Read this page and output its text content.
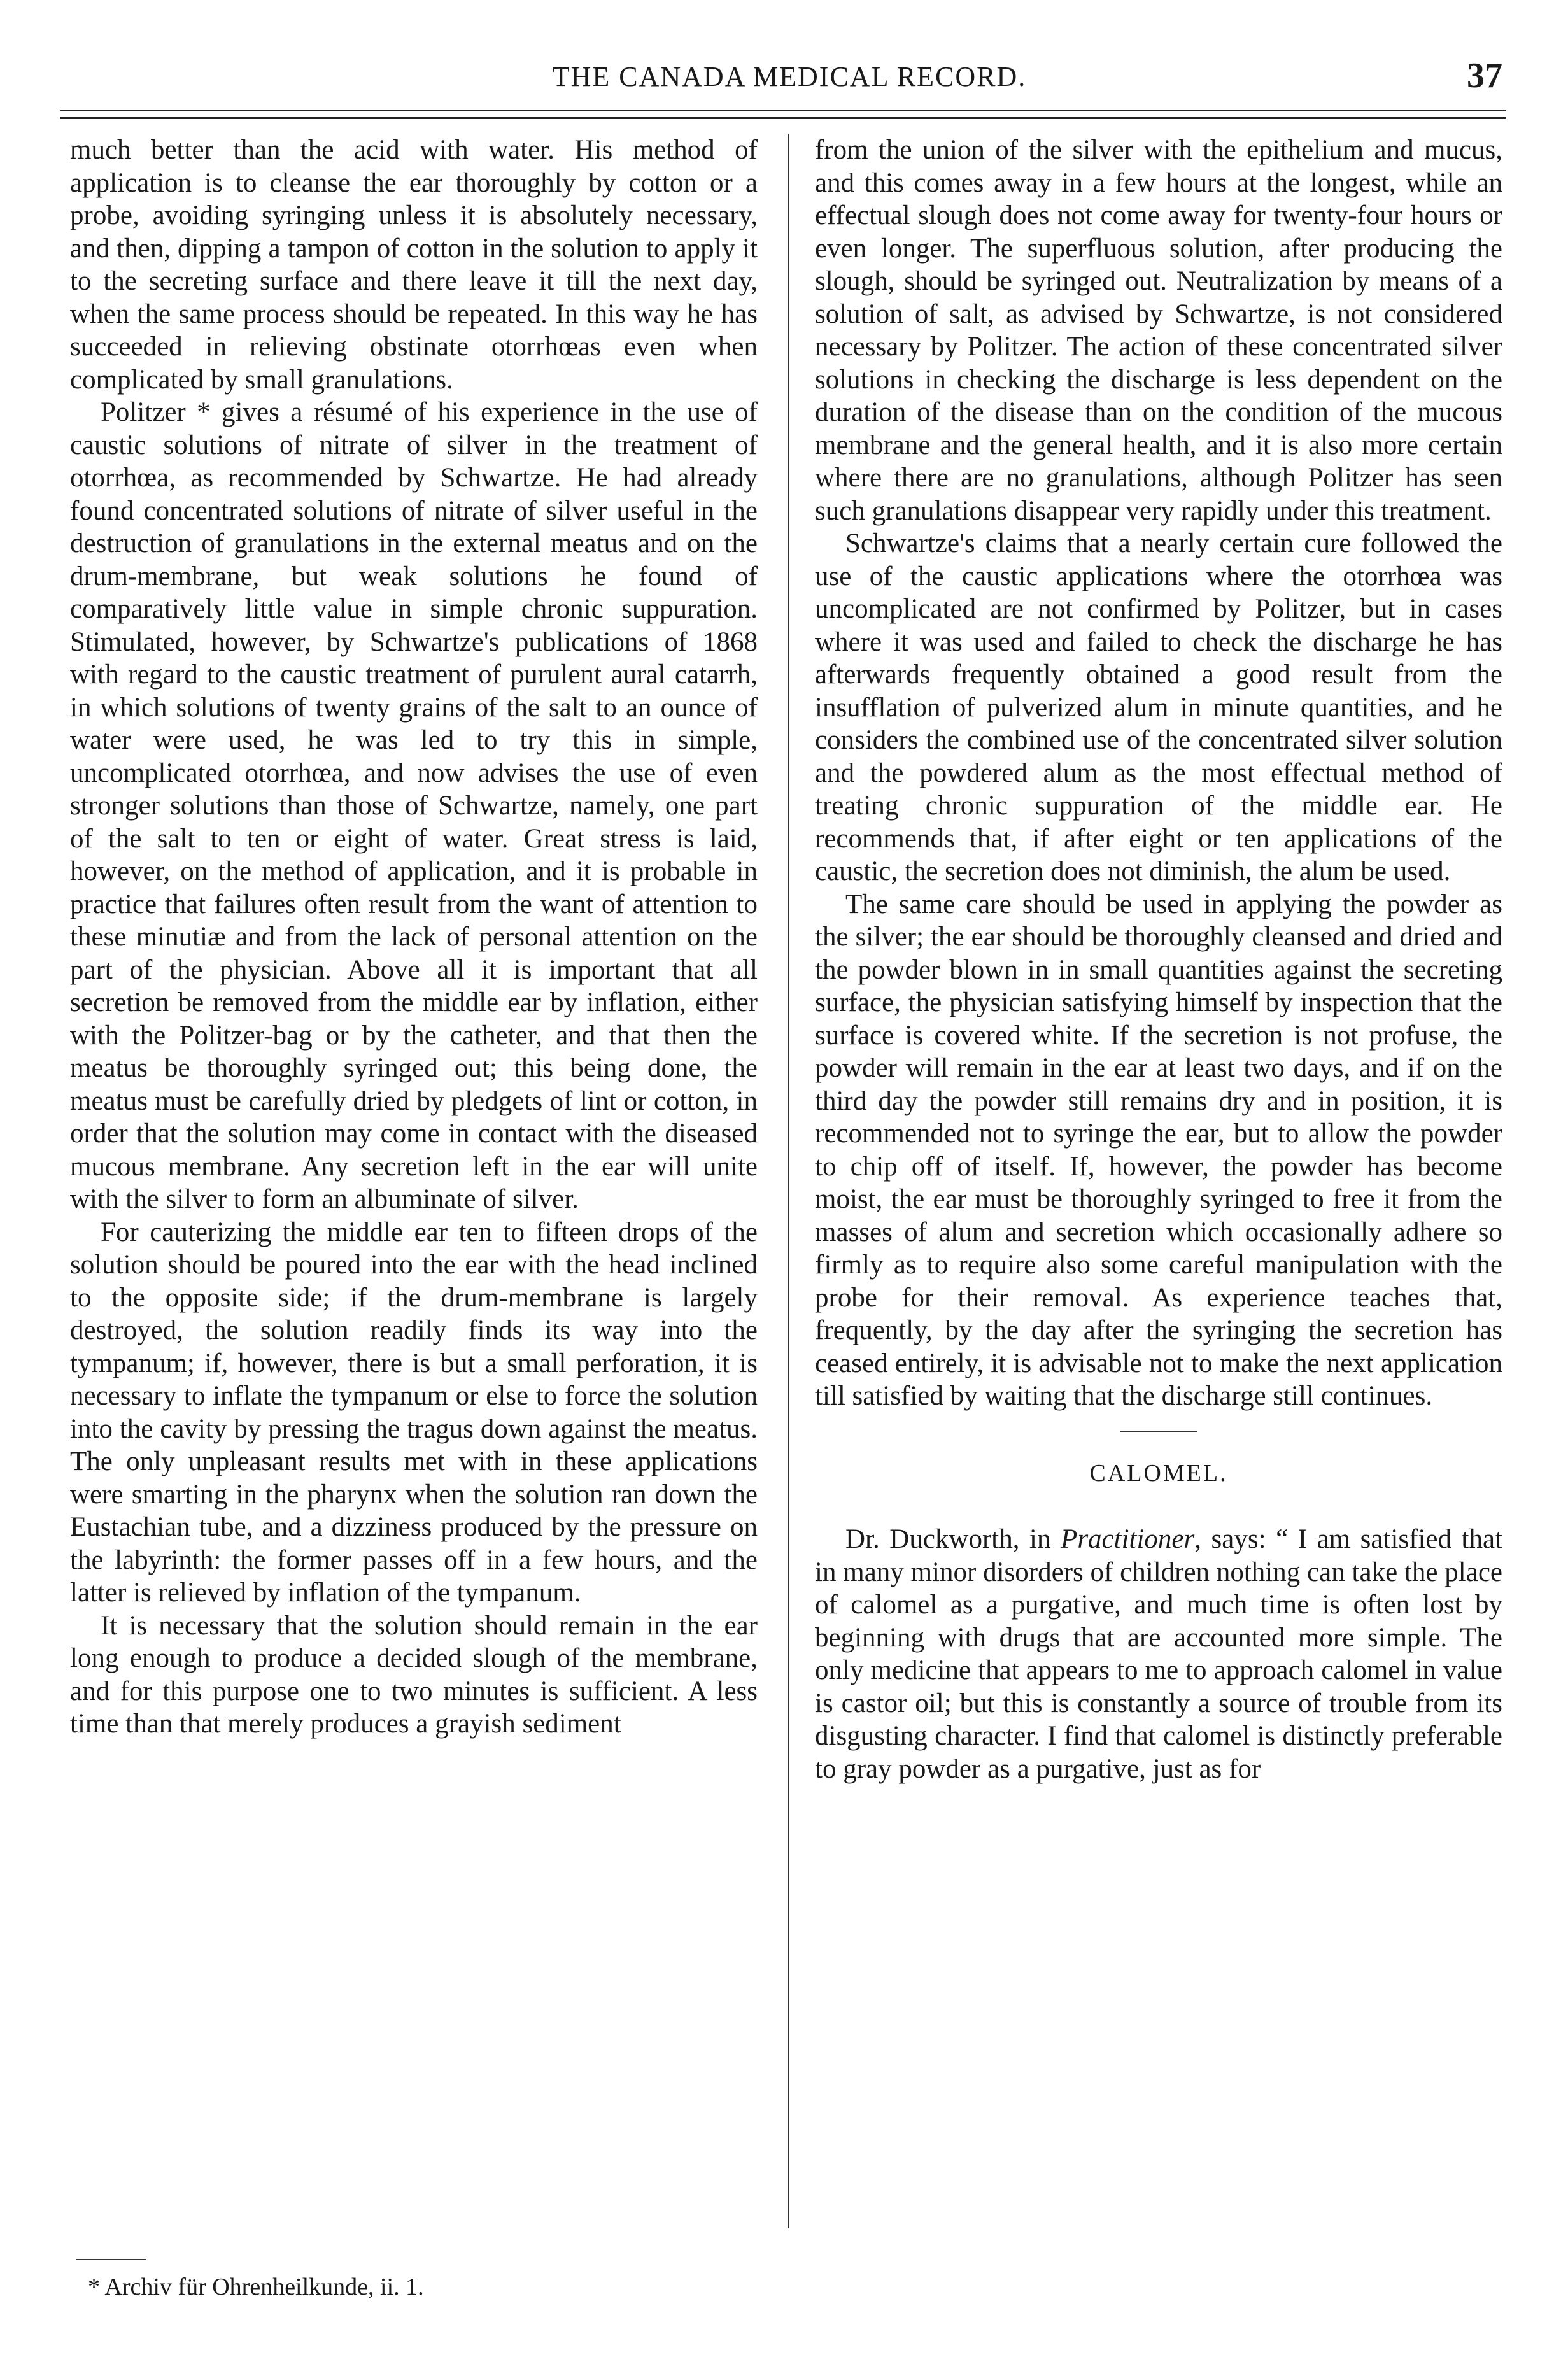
THE CANADA MEDICAL RECORD.	37

much better than the acid with water. His method of application is to cleanse the ear thoroughly by cotton or a probe, avoiding syringing unless it is absolutely necessary, and then, dipping a tampon of cotton in the solution to apply it to the secreting surface and there leave it till the next day, when the same process should be repeated. In this way he has succeeded in relieving obstinate otorrhœas even when complicated by small granulations.

Politzer * gives a résumé of his experience in the use of caustic solutions of nitrate of silver in the treatment of otorrhœa, as recommended by Schwartze. He had already found concentrated solutions of nitrate of silver useful in the destruction of granulations in the external meatus and on the drum-membrane, but weak solutions he found of comparatively little value in simple chronic suppuration. Stimulated, however, by Schwartze's publications of 1868 with regard to the caustic treatment of purulent aural catarrh, in which solutions of twenty grains of the salt to an ounce of water were used, he was led to try this in simple, uncomplicated otorrhœa, and now advises the use of even stronger solutions than those of Schwartze, namely, one part of the salt to ten or eight of water. Great stress is laid, however, on the method of application, and it is probable in practice that failures often result from the want of attention to these minutiæ and from the lack of personal attention on the part of the physician. Above all it is important that all secretion be removed from the middle ear by inflation, either with the Politzer-bag or by the catheter, and that then the meatus be thoroughly syringed out; this being done, the meatus must be carefully dried by pledgets of lint or cotton, in order that the solution may come in contact with the diseased mucous membrane. Any secretion left in the ear will unite with the silver to form an albuminate of silver.

For cauterizing the middle ear ten to fifteen drops of the solution should be poured into the ear with the head inclined to the opposite side; if the drum-membrane is largely destroyed, the solution readily finds its way into the tympanum; if, however, there is but a small perforation, it is necessary to inflate the tympanum or else to force the solution into the cavity by pressing the tragus down against the meatus. The only unpleasant results met with in these applications were smarting in the pharynx when the solution ran down the Eustachian tube, and a dizziness produced by the pressure on the labyrinth: the former passes off in a few hours, and the latter is relieved by inflation of the tympanum.

It is necessary that the solution should remain in the ear long enough to produce a decided slough of the membrane, and for this purpose one to two minutes is sufficient. A less time than that merely produces a grayish sediment

from the union of the silver with the epithelium and mucus, and this comes away in a few hours at the longest, while an effectual slough does not come away for twenty-four hours or even longer. The superfluous solution, after producing the slough, should be syringed out. Neutralization by means of a solution of salt, as advised by Schwartze, is not considered necessary by Politzer. The action of these concentrated silver solutions in checking the discharge is less dependent on the duration of the disease than on the condition of the mucous membrane and the general health, and it is also more certain where there are no granulations, although Politzer has seen such granulations disappear very rapidly under this treatment.

Schwartze's claims that a nearly certain cure followed the use of the caustic applications where the otorrhœa was uncomplicated are not confirmed by Politzer, but in cases where it was used and failed to check the discharge he has afterwards frequently obtained a good result from the insufflation of pulverized alum in minute quantities, and he considers the combined use of the concentrated silver solution and the powdered alum as the most effectual method of treating chronic suppuration of the middle ear. He recommends that, if after eight or ten applications of the caustic, the secretion does not diminish, the alum be used.

The same care should be used in applying the powder as the silver; the ear should be thoroughly cleansed and dried and the powder blown in in small quantities against the secreting surface, the physician satisfying himself by inspection that the surface is covered white. If the secretion is not profuse, the powder will remain in the ear at least two days, and if on the third day the powder still remains dry and in position, it is recommended not to syringe the ear, but to allow the powder to chip off of itself. If, however, the powder has become moist, the ear must be thoroughly syringed to free it from the masses of alum and secretion which occasionally adhere so firmly as to require also some careful manipulation with the probe for their removal. As experience teaches that, frequently, by the day after the syringing the secretion has ceased entirely, it is advisable not to make the next application till satisfied by waiting that the discharge still continues.

CALOMEL.

Dr. Duckworth, in Practitioner, says: “ I am satisfied that in many minor disorders of children nothing can take the place of calomel as a purgative, and much time is often lost by beginning with drugs that are accounted more simple. The only medicine that appears to me to approach calomel in value is castor oil; but this is constantly a source of trouble from its disgusting character. I find that calomel is distinctly preferable to gray powder as a purgative, just as for

* Archiv für Ohrenheilkunde, ii. 1.
